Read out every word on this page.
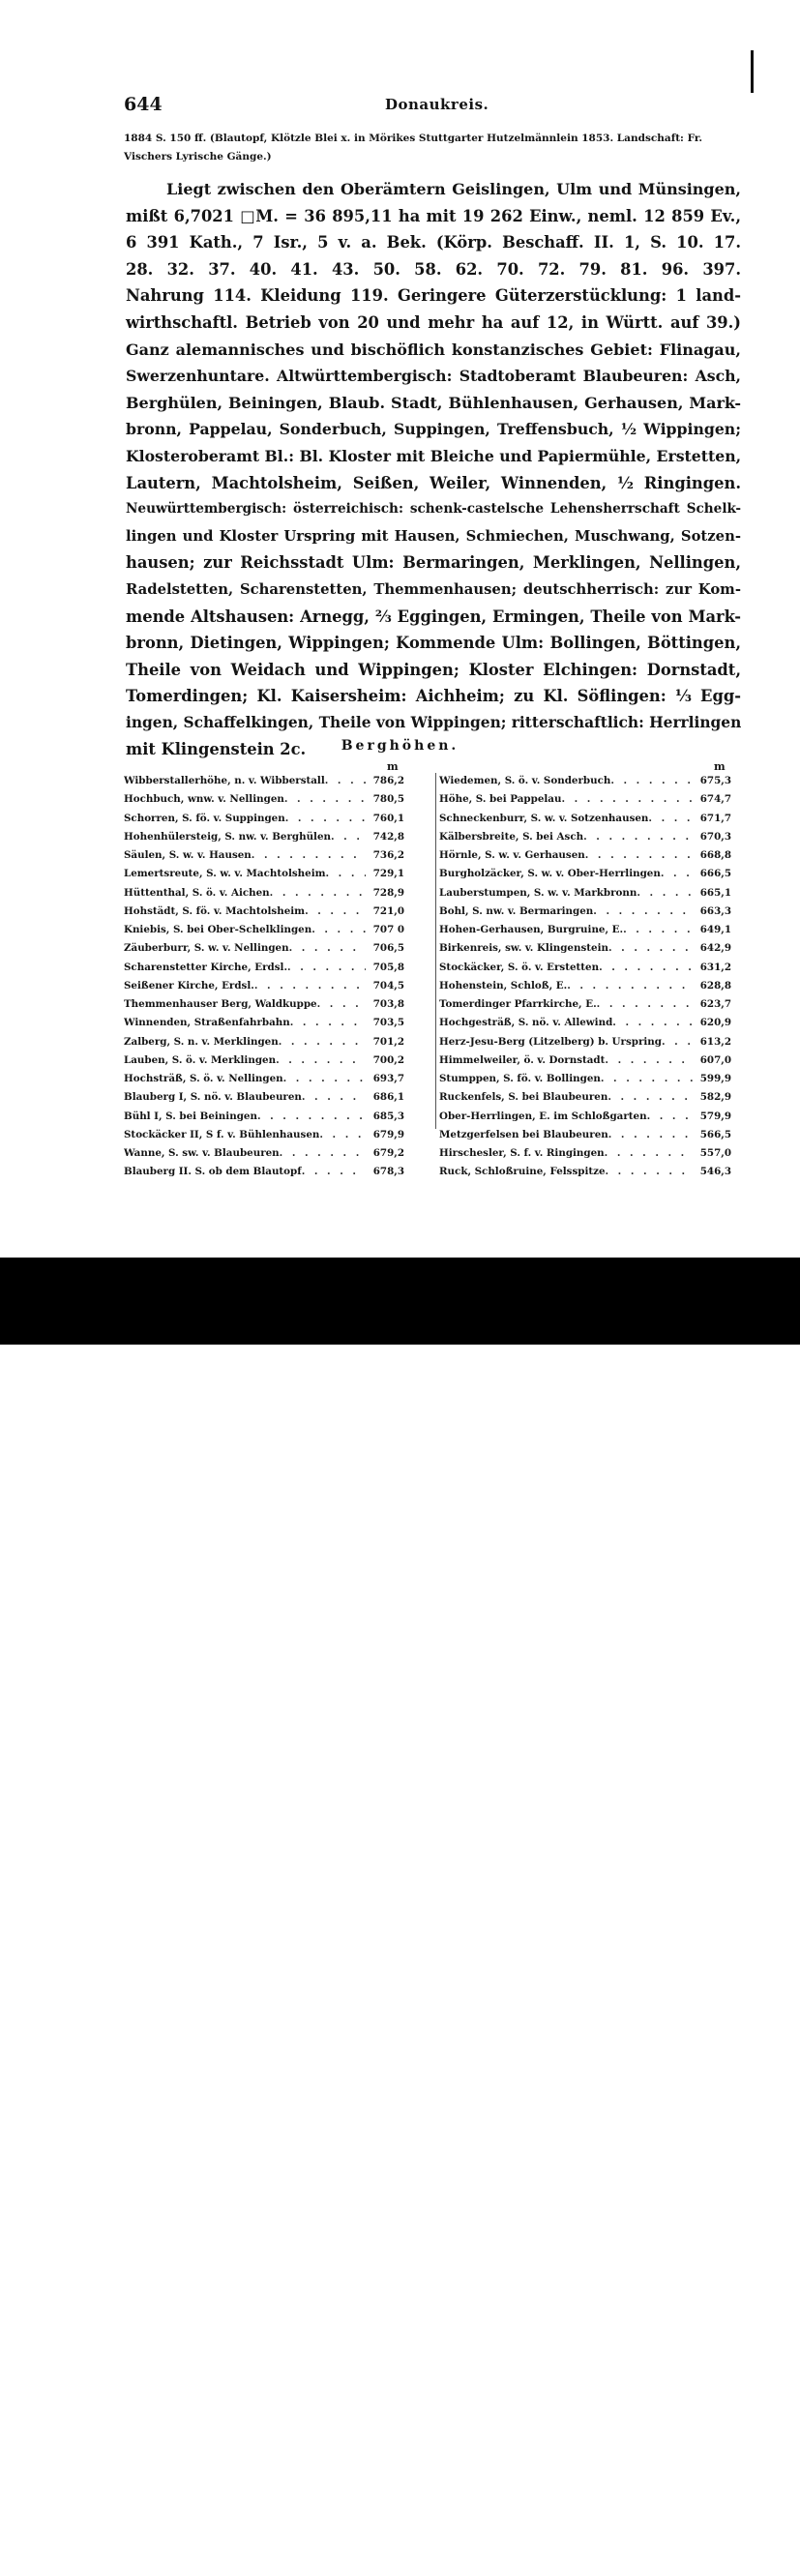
644	Donaukreis.
1884 S. 150 ff. (Blautopf, Klötzle Blei x. in Mörikes Stuttgarter Hutzelmännlein 1853. Landschaft: Fr.
Vischers Lyrische Gänge.)
Liegt zwischen den Oberämtern Geislingen, Ulm und Münsingen,
mißt 6,7021 □M. = 36 895,11 ha mit 19 262 Einw., neml. 12 859 Ev.,
6 391 Kath., 7 Isr., 5 v. a. Bek. (Körp. Beschaff. II. 1, S. 10. 17.
28. 32. 37. 40. 41. 43. 50. 58. 62. 70. 72. 79. 81. 96. 397.
Nahrung 114. Kleidung 119. Geringere Güterzerstücklung: 1 land-
wirthschaftl. Betrieb von 20 und mehr ha auf 12, in Württ. auf 39.)
Ganz alemannisches und bischöflich konstanzisches Gebiet: Flinagau,
Swerzenhuntare. Altwürttembergisch: Stadtoberamt Blaubeuren: Asch,
Berghülen, Beiningen, Blaub. Stadt, Bühlenhausen, Gerhausen, Mark-
bronn, Pappelau, Sonderbuch, Suppingen, Treffensbuch, ½ Wippingen;
Klosteroberamt Bl.: Bl. Kloster mit Bleiche und Papiermühle, Erstetten,
Lautern, Machtolsheim, Seißen, Weiler, Winnenden, ½ Ringingen.
Neuwürttembergisch: österreichisch: schenk-castelsche Lehensherrschaft Schelk-
lingen und Kloster Urspring mit Hausen, Schmiechen, Muschwang, Sotzen-
hausen; zur Reichsstadt Ulm: Bermaringen, Merklingen, Nellingen,
Radelstetten, Scharenstetten, Themmenhausen; deutschherrisch: zur Kom-
mende Altshausen: Arnegg, ⅔ Eggingen, Ermingen, Theile von Mark-
bronn, Dietingen, Wippingen; Kommende Ulm: Bollingen, Böttingen,
Theile von Weidach und Wippingen; Kloster Elchingen: Dornstadt,
Tomerdingen; Kl. Kaisersheim: Aichheim; zu Kl. Söflingen: ⅓ Egg-
ingen, Schaffelkingen, Theile von Wippingen; ritterschaftlich: Herrlingen
mit Klingenstein 2c.	Berghöhen.
m	m
Wibberstallerhöhe, n. v. Wibberstall . . .	786,2
Hochbuch, wnw. v. Nellingen . . .	780,5
Schorren, S. fö. v. Suppingen . . .	760,1
Hohenhülersteig, S. nw. v. Berghülen . . .	742,8
Säulen, S. w. v. Hausen . . .	736,2
Lemertsreute, S. w. v. Machtolsheim . . .	729,1
Hüttenthal, S. ö. v. Aichen . . .	728,9
Hohstädt, S. fö. v. Machtolsheim . . .	721,0
Kniebis, S. bei Ober-Schelklingen . . .	707 0
Zäuberburr, S. w. v. Nellingen . . .	706,5
Scharenstetter Kirche, Erdsl. . . .	705,8
Seißener Kirche, Erdsl. . . .	704,5
Themmenhauser Berg, Waldkuppe . . .	703,8
Winnenden, Straßenfahrbahn . . .	703,5
Zalberg, S. n. v. Merklingen . . .	701,2
Lauben, S. ö. v. Merklingen . . .	700,2
Hochsträß, S. ö. v. Nellingen . . .	693,7
Blauberg I, S. nö. v. Blaubeuren . . .	686,1
Bühl I, S. bei Beiningen . . .	685,3
Stockäcker II, S f. v. Bühlenhausen . . .	679,9
Wanne, S. sw. v. Blaubeuren . . .	679,2
Blauberg II. S. ob dem Blautopf . . .	678,3
Wiedemen, S. ö. v. Sonderbuch . . .	675,3
Höhe, S. bei Pappelau . . .	674,7
Schneckenburr, S. w. v. Sotzenhausen . . .	671,7
Kälbersbreite, S. bei Asch . . .	670,3
Hörnle, S. w. v. Gerhausen . . .	668,8
Burgholzäcker, S. w. v. Ober-Herrlingen . . .	666,5
Lauberstumpen, S. w. v. Markbronn . . .	665,1
Bohl, S. nw. v. Bermaringen . . .	663,3
Hohen-Gerhausen, Burgruine, E. . . .	649,1
Birkenreis, sw. v. Klingenstein . . .	642,9
Stockäcker, S. ö. v. Erstetten . . .	631,2
Hohenstein, Schloß, E. . . .	628,8
Tomerdinger Pfarrkirche, E. . . .	623,7
Hochgesträß, S. nö. v. Allewind . . .	620,9
Herz-Jesu-Berg (Litzelberg) b. Urspring . . .	613,2
Himmelweiler, ö. v. Dornstadt . . .	607,0
Stumppen, S. fö. v. Bollingen . . .	599,9
Ruckenfels, S. bei Blaubeuren . . .	582,9
Ober-Herrlingen, E. im Schloßgarten . . .	579,9
Metzgerfelsen bei Blaubeuren . . .	566,5
Hirschesler, S. f. v. Ringingen . . .	557,0
Ruck, Schloßruine, Felsspitze . . .	546,3
alamy	Image ID: KX40JB
www.alamy.com
